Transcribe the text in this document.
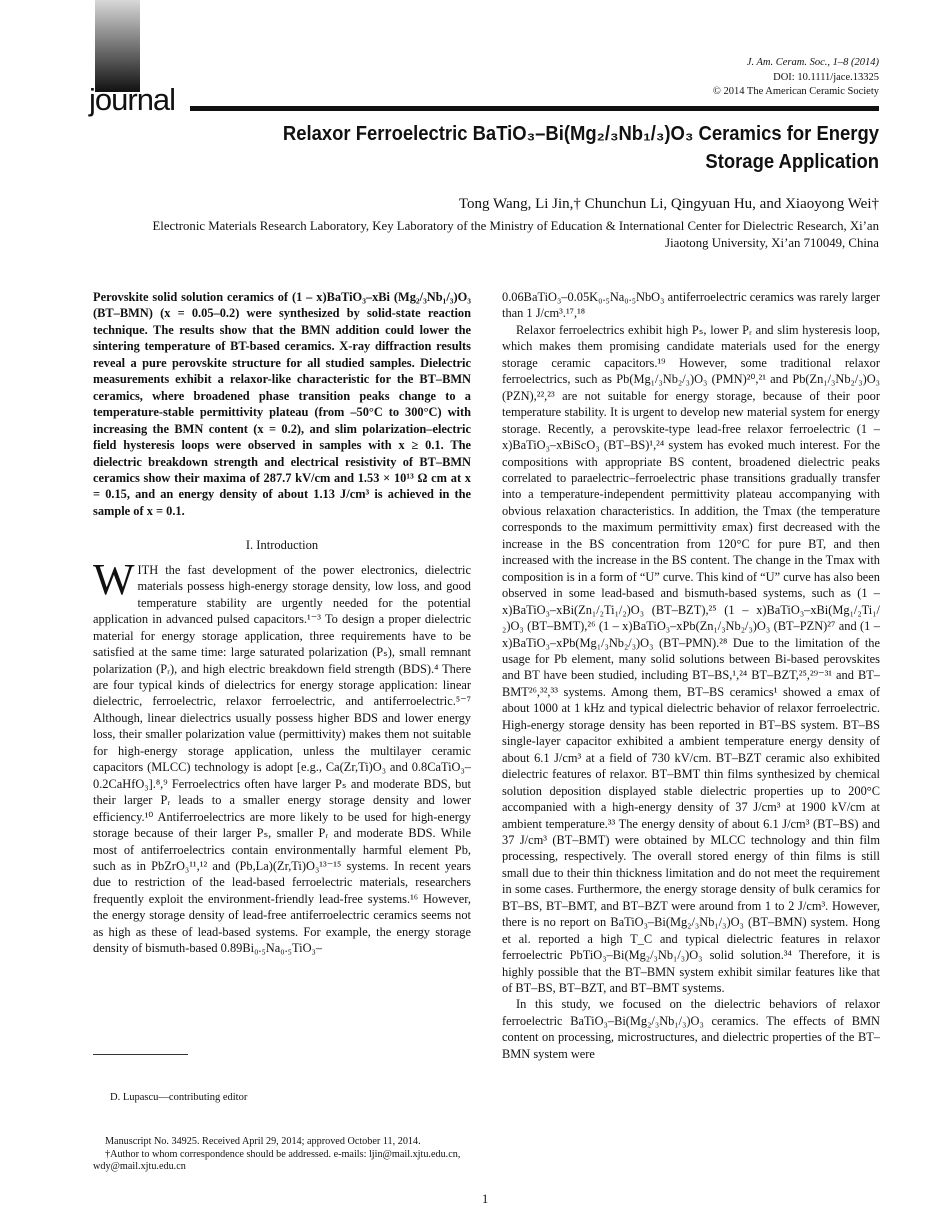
journal
J. Am. Ceram. Soc., 1–8 (2014)
DOI: 10.1111/jace.13325
© 2014 The American Ceramic Society
Relaxor Ferroelectric BaTiO₃–Bi(Mg₂/₃Nb₁/₃)O₃ Ceramics for Energy Storage Application
Tong Wang, Li Jin,† Chunchun Li, Qingyuan Hu, and Xiaoyong Wei†
Electronic Materials Research Laboratory, Key Laboratory of the Ministry of Education & International Center for Dielectric Research, Xi’an Jiaotong University, Xi’an 710049, China

Perovskite solid solution ceramics of (1 – x)BaTiO₃–xBi (Mg₂/₃Nb₁/₃)O₃ (BT–BMN) (x = 0.05–0.2) were synthesized by solid-state reaction technique. The results show that the BMN addition could lower the sintering temperature of BT-based ceramics. X-ray diffraction results reveal a pure perovskite structure for all studied samples. Dielectric measurements exhibit a relaxor-like characteristic for the BT–BMN ceramics, where broadened phase transition peaks change to a temperature-stable permittivity plateau (from –50°C to 300°C) with increasing the BMN content (x = 0.2), and slim polarization–electric field hysteresis loops were observed in samples with x ≥ 0.1. The dielectric breakdown strength and electrical resistivity of BT–BMN ceramics show their maxima of 287.7 kV/cm and 1.53 × 10¹³ Ω cm at x = 0.15, and an energy density of about 1.13 J/cm³ is achieved in the sample of x = 0.1.

I. Introduction

WITH the fast development of the power electronics, dielectric materials possess high-energy storage density, low loss, and good temperature stability are urgently needed for the potential application in advanced pulsed capacitors.¹⁻³ To design a proper dielectric material for energy storage application, three requirements have to be satisfied at the same time: large saturated polarization (Pₛ), small remnant polarization (Pᵣ), and high electric breakdown field strength (BDS).⁴ There are four typical kinds of dielectrics for energy storage application: linear dielectric, ferroelectric, relaxor ferroelectric, and antiferroelectric.⁵⁻⁷ Although, linear dielectrics usually possess higher BDS and lower energy loss, their smaller polarization value (permittivity) makes them not suitable for high-energy storage application, unless the multilayer ceramic capacitors (MLCC) technology is adopt [e.g., Ca(Zr,Ti)O₃ and 0.8CaTiO₃–0.2CaHfO₃].⁸,⁹ Ferroelectrics often have larger Pₛ and moderate BDS, but their larger Pᵣ leads to a smaller energy storage density and lower efficiency.¹⁰ Antiferroelectrics are more likely to be used for high-energy storage because of their larger Pₛ, smaller Pᵣ and moderate BDS. While most of antiferroelectrics contain environmentally harmful element Pb, such as in PbZrO₃¹¹,¹² and (Pb,La)(Zr,Ti)O₃¹³⁻¹⁵ systems. In recent years due to restriction of the lead-based ferroelectric materials, researchers frequently exploit the environment-friendly lead-free systems.¹⁶ However, the energy storage density of lead-free antiferroelectric ceramics seems not as high as these of lead-based systems. For example, the energy storage density of bismuth-based 0.89Bi₀.₅Na₀.₅TiO₃–

0.06BaTiO₃–0.05K₀.₅Na₀.₅NbO₃ antiferroelectric ceramics was rarely larger than 1 J/cm³.¹⁷,¹⁸

Relaxor ferroelectrics exhibit high Pₛ, lower Pᵣ and slim hysteresis loop, which makes them promising candidate materials used for the energy storage ceramic capacitors.¹⁹ However, some traditional relaxor ferroelectrics, such as Pb(Mg₁/₃Nb₂/₃)O₃ (PMN)²⁰,²¹ and Pb(Zn₁/₃Nb₂/₃)O₃ (PZN),²²,²³ are not suitable for energy storage, because of their poor temperature stability. It is urgent to develop new material system for energy storage. Recently, a perovskite-type lead-free relaxor ferroelectric (1 – x)BaTiO₃–xBiScO₃ (BT–BS)¹,²⁴ system has evoked much interest. For the compositions with appropriate BS content, broadened dielectric peaks correlated to paraelectric–ferroelectric phase transitions gradually transfer into a temperature-independent permittivity plateau accompanying with obvious relaxation characteristics. In addition, the Tmax (the temperature corresponds to the maximum permittivity εmax) first decreased with the increase in the BS concentration from 120°C for pure BT, and then increased with the increase in the BS content. The change in the Tmax with composition is in a form of “U” curve. This kind of “U” curve has also been observed in some lead-based and bismuth-based systems, such as (1 – x)BaTiO₃–xBi(Zn₁/₂Ti₁/₂)O₃ (BT–BZT),²⁵ (1 – x)BaTiO₃–xBi(Mg₁/₂Ti₁/₂)O₃ (BT–BMT),²⁶ (1 – x)BaTiO₃–xPb(Zn₁/₃Nb₂/₃)O₃ (BT–PZN)²⁷ and (1 – x)BaTiO₃–xPb(Mg₁/₃Nb₂/₃)O₃ (BT–PMN).²⁸ Due to the limitation of the usage for Pb element, many solid solutions between Bi-based perovskites and BT have been studied, including BT–BS,¹,²⁴ BT–BZT,²⁵,²⁹⁻³¹ and BT–BMT²⁶,³²,³³ systems. Among them, BT–BS ceramics¹ showed a εmax of about 1000 at 1 kHz and typical dielectric behavior of relaxor ferroelectric. High-energy storage density has been reported in BT–BS system. BT–BS single-layer capacitor exhibited a ambient temperature energy density of about 6.1 J/cm³ at a field of 730 kV/cm. BT–BZT ceramic also exhibited dielectric features of relaxor. BT–BMT thin films synthesized by chemical solution deposition displayed stable dielectric properties up to 200°C accompanied with a high-energy density of 37 J/cm³ at 1900 kV/cm at ambient temperature.³³ The energy density of about 6.1 J/cm³ (BT–BS) and 37 J/cm³ (BT–BMT) were obtained by MLCC technology and thin film processing, respectively. The overall stored energy of thin films is still small due to their thin thickness limitation and do not meet the requirement in some cases. Furthermore, the energy storage density of bulk ceramics for BT–BS, BT–BMT, and BT–BZT were around from 1 to 2 J/cm³. However, there is no report on BaTiO₃–Bi(Mg₂/₃Nb₁/₃)O₃ (BT–BMN) system. Hong et al. reported a high T_C and typical dielectric features in relaxor ferroelectric PbTiO₃–Bi(Mg₂/₃Nb₁/₃)O₃ solid solution.³⁴ Therefore, it is highly possible that the BT–BMN system exhibit similar features like that of BT–BS, BT–BZT, and BT–BMT systems.

In this study, we focused on the dielectric behaviors of relaxor ferroelectric BaTiO₃–Bi(Mg₂/₃Nb₁/₃)O₃ ceramics. The effects of BMN content on processing, microstructures, and dielectric properties of the BT–BMN system were

D. Lupascu—contributing editor

Manuscript No. 34925. Received April 29, 2014; approved October 11, 2014.

†Author to whom correspondence should be addressed. e-mails: ljin@mail.xjtu.edu.cn, wdy@mail.xjtu.edu.cn

1
